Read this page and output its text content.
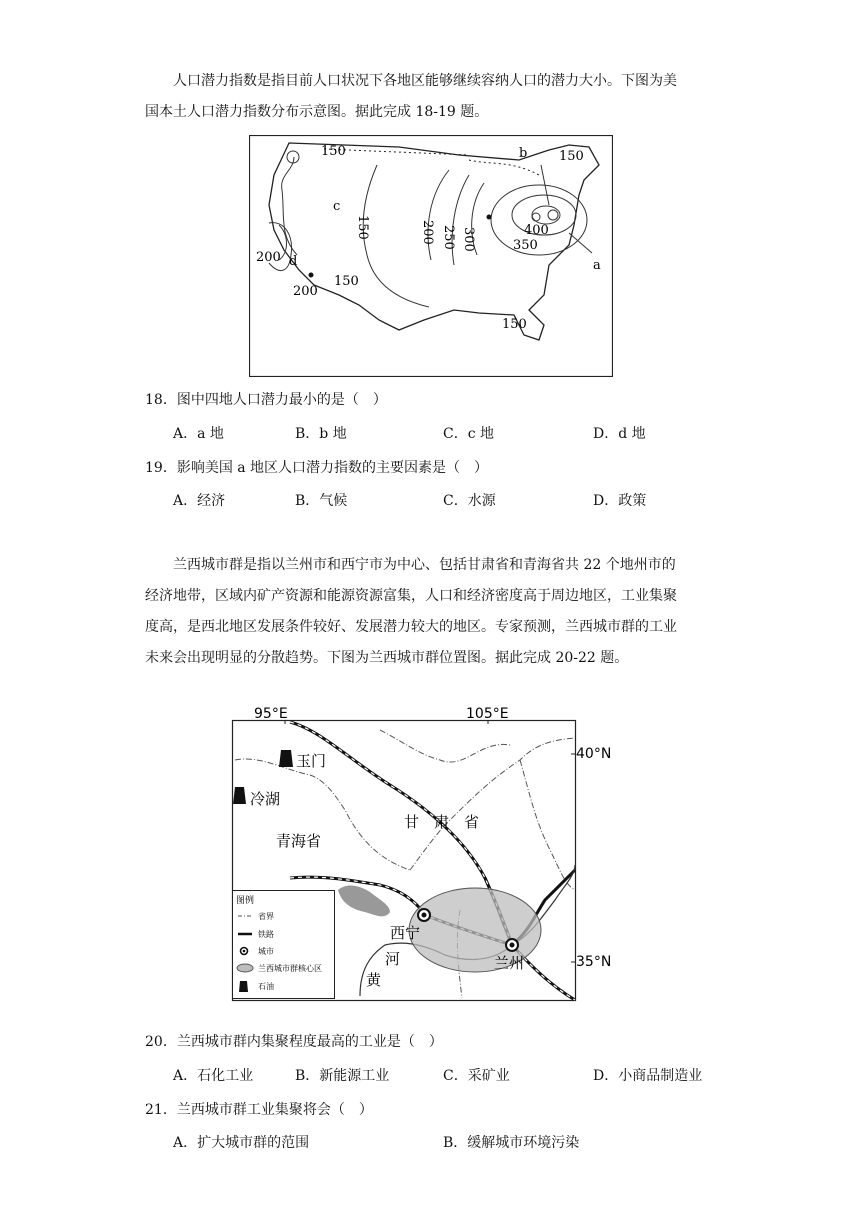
人口潜力指数是指目前人口状况下各地区能够继续容纳人口的潜力大小。下图为美

国本土人口潜力指数分布示意图。据此完成 18-19 题。
150	150
150	200 250 300	350
400
150
200
200
150
a
b
c
d
18．图中四地人口潜力最小的是（　）
A．a 地	B．b 地	C．c 地	D．d 地
19．影响美国 a 地区人口潜力指数的主要因素是（　）
A．经济	B．气候	C．水源	D．政策

兰西城市群是指以兰州市和西宁市为中心、包括甘肃省和青海省共 22 个地州市的

经济地带，区域内矿产资源和能源资源富集，人口和经济密度高于周边地区，工业集聚
度高，是西北地区发展条件较好、发展潜力较大的地区。专家预测，兰西城市群的工业
未来会出现明显的分散趋势。下图为兰西城市群位置图。据此完成 20-22 题。
95°E	105°E
40°N
35°N
玉门
冷湖
青海省
甘　肃　省
西宁
兰州
河
黄
图例
省界
铁路
城市
兰西城市群核心区
石油
20．兰西城市群内集聚程度最高的工业是（　）
A．石化工业	B．新能源工业	C．采矿业	D．小商品制造业
21．兰西城市群工业集聚将会（　）
A．扩大城市群的范围	B．缓解城市环境污染
